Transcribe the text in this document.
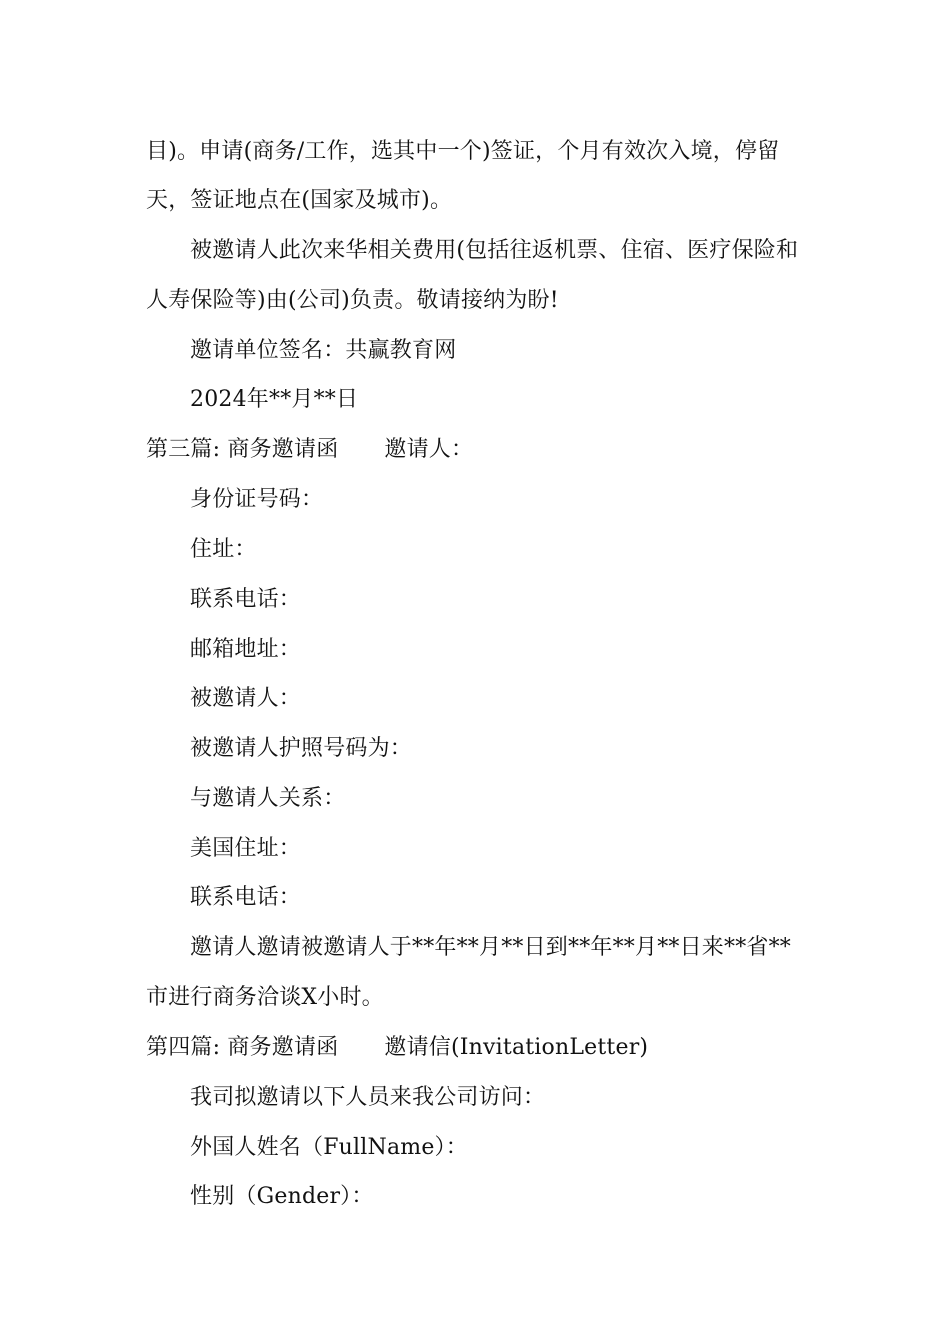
目)。申请(商务/工作，选其中一个)签证，个月有效次入境，停留
天，签证地点在(国家及城市)。
被邀请人此次来华相关费用(包括往返机票、住宿、医疗保险和
人寿保险等)由(公司)负责。敬请接纳为盼!
邀请单位签名：共赢教育网
2024年**月**日
第三篇: 商务邀请函 邀请人：
身份证号码：
住址：
联系电话：
邮箱地址：
被邀请人：
被邀请人护照号码为：
与邀请人关系：
美国住址：
联系电话：
邀请人邀请被邀请人于**年**月**日到**年**月**日来**省**
市进行商务洽谈X小时。
第四篇: 商务邀请函 邀请信(InvitationLetter)
我司拟邀请以下人员来我公司访问：
外国人姓名（FullName）：
性别（Gender）：
